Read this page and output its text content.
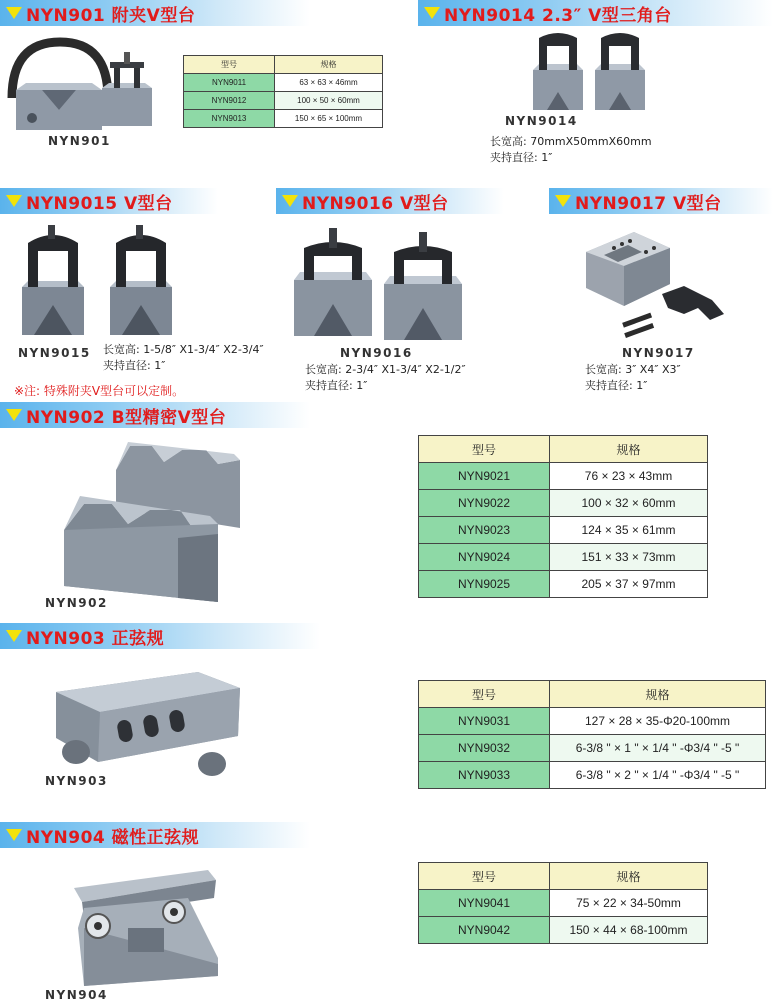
NYN901 附夹V型台
NYN901
型号	规格
NYN9011	63 × 63 × 46mm
NYN9012	100 × 50 × 60mm
NYN9013	150 × 65 × 100mm
NYN9014 2.3″ V型三角台
NYN9014
长宽高: 70mmX50mmX60mm
夹持直径: 1″
NYN9015 V型台
NYN9015 长宽高: 1-5/8″ X1-3/4″ X2-3/4″
夹持直径: 1″
※注: 特殊附夹V型台可以定制。
NYN9016 V型台
NYN9016
长宽高: 2-3/4″ X1-3/4″ X2-1/2″
夹持直径: 1″
NYN9017 V型台
NYN9017
长宽高: 3″ X4″ X3″
夹持直径: 1″
NYN902 B型精密V型台
NYN902
型号	规格
NYN9021	76 × 23 × 43mm
NYN9022	100 × 32 × 60mm
NYN9023	124 × 35 × 61mm
NYN9024	151 × 33 × 73mm
NYN9025	205 × 37 × 97mm
NYN903 正弦规
NYN903
型号	规格
NYN9031	127 × 28 × 35-Φ20-100mm
NYN9032	6-3/8 " × 1 " × 1/4 " -Φ3/4 " -5 "
NYN9033	6-3/8 " × 2 " × 1/4 " -Φ3/4 " -5 "
NYN904 磁性正弦规
NYN904
型号	规格
NYN9041	75 × 22 × 34-50mm
NYN9042	150 × 44 × 68-100mm
